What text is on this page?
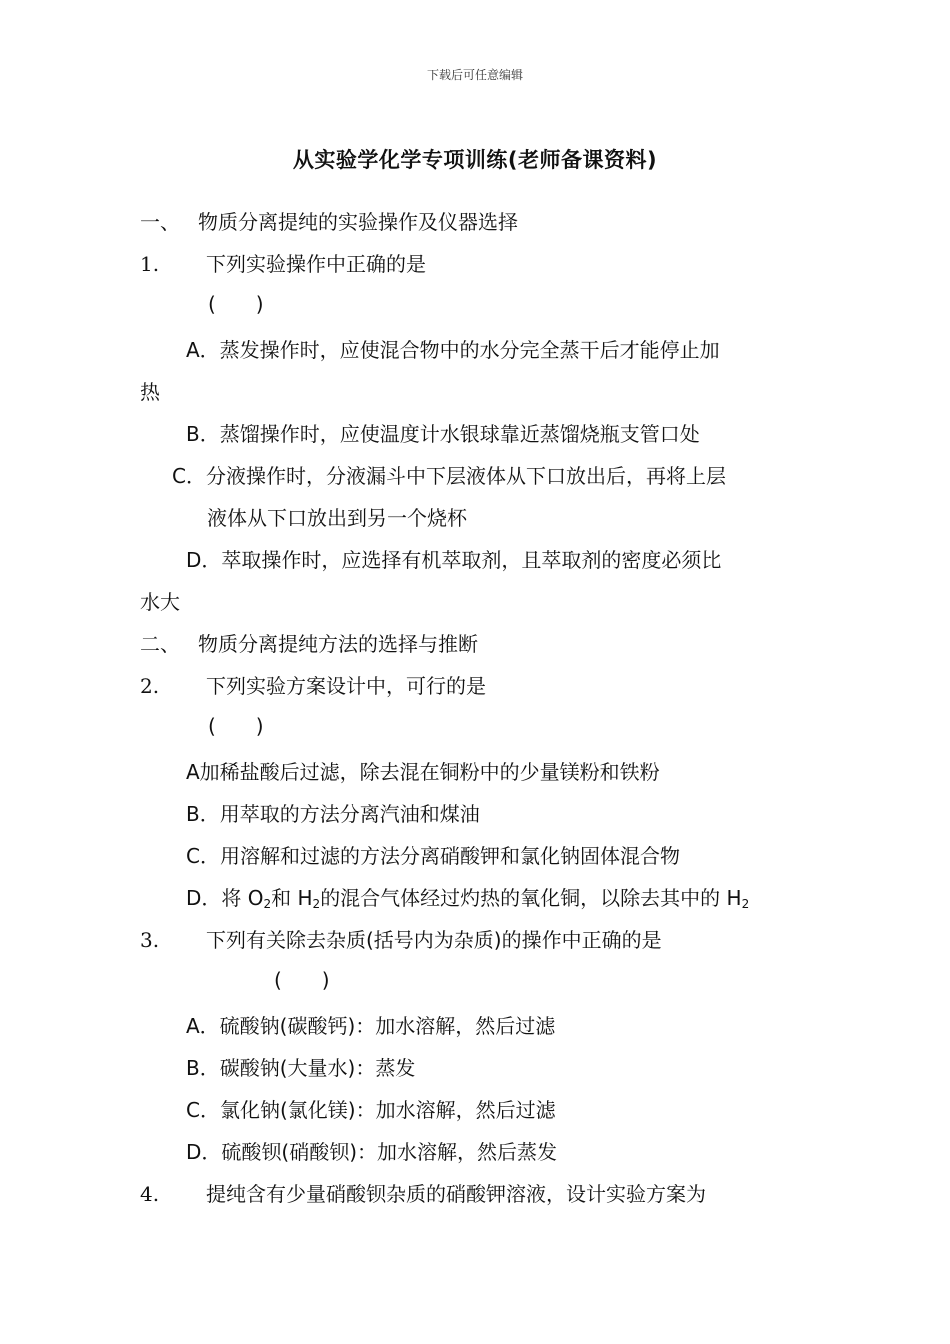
下载后可任意编辑
从实验学化学专项训练(老师备课资料)
一、 物质分离提纯的实验操作及仪器选择
1. 下列实验操作中正确的是
(　　)
A．蒸发操作时，应使混合物中的水分完全蒸干后才能停止加
热
B．蒸馏操作时，应使温度计水银球靠近蒸馏烧瓶支管口处
C．分液操作时，分液漏斗中下层液体从下口放出后，再将上层
液体从下口放出到另一个烧杯
D．萃取操作时，应选择有机萃取剂，且萃取剂的密度必须比
水大
二、 物质分离提纯方法的选择与推断
2. 下列实验方案设计中，可行的是
(　　)
A加稀盐酸后过滤，除去混在铜粉中的少量镁粉和铁粉
B．用萃取的方法分离汽油和煤油
C．用溶解和过滤的方法分离硝酸钾和氯化钠固体混合物
D．将 $O_2$和 $H_2$的混合气体经过灼热的氧化铜，以除去其中的 $H_2$
3. 下列有关除去杂质(括号内为杂质)的操作中正确的是
(　　)
A．硫酸钠(碳酸钙)：加水溶解，然后过滤
B．碳酸钠(大量水)：蒸发
C．氯化钠(氯化镁)：加水溶解，然后过滤
D．硫酸钡(硝酸钡)：加水溶解，然后蒸发
4. 提纯含有少量硝酸钡杂质的硝酸钾溶液，设计实验方案为
